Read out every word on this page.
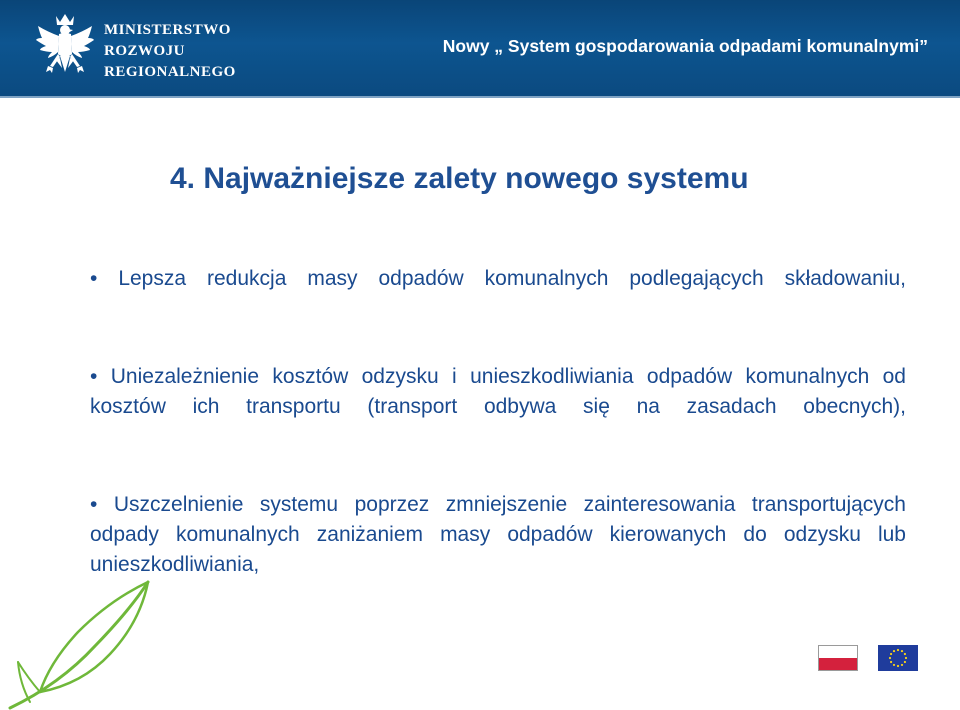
MINISTERSTWO
ROZWOJU
REGIONALNEGO
Nowy „ System gospodarowania odpadami komunalnymi”
4. Najważniejsze zalety nowego systemu
• Lepsza redukcja masy odpadów komunalnych podlegających składowaniu,
• Uniezależnienie kosztów odzysku i unieszkodliwiania odpadów komunalnych od kosztów ich transportu (transport odbywa się na zasadach obecnych),
• Uszczelnienie systemu poprzez zmniejszenie zainteresowania transportujących odpady komunalnych zaniżaniem masy odpadów kierowanych do odzysku lub unieszkodliwiania,
